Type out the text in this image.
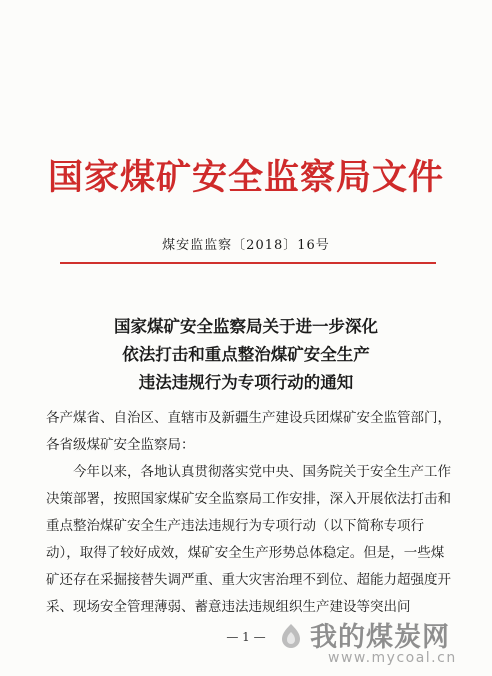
国家煤矿安全监察局文件
煤安监监察〔2018〕16号
国家煤矿安全监察局关于进一步深化
依法打击和重点整治煤矿安全生产
违法违规行为专项行动的通知

各产煤省、自治区、直辖市及新疆生产建设兵团煤矿安全监管部门，各省级煤矿安全监察局：

今年以来，各地认真贯彻落实党中央、国务院关于安全生产工作决策部署，按照国家煤矿安全监察局工作安排，深入开展依法打击和重点整治煤矿安全生产违法违规行为专项行动（以下简称专项行动），取得了较好成效，煤矿安全生产形势总体稳定。但是，一些煤矿还存在采掘接替失调严重、重大灾害治理不到位、超能力超强度开采、现场安全管理薄弱、蓄意违法违规组织生产建设等突出问

— 1 —	我的煤炭网
www.mycoal.cn
